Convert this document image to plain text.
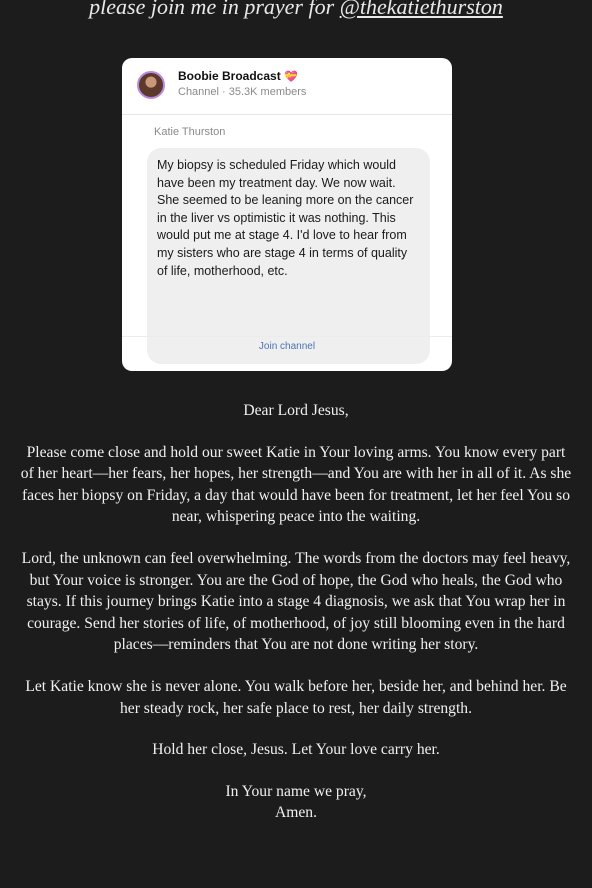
please join me in prayer for @thekatiethurston
Boobie Broadcast 💝
Channel · 35.3K members
Katie Thurston
My biopsy is scheduled Friday which would have been my treatment day. We now wait. She seemed to be leaning more on the cancer in the liver vs optimistic it was nothing. This would put me at stage 4. I'd love to hear from my sisters who are stage 4 in terms of quality of life, motherhood, etc.
Join channel

Dear Lord Jesus,

Please come close and hold our sweet Katie in Your loving arms. You know every part of her heart—her fears, her hopes, her strength—and You are with her in all of it. As she faces her biopsy on Friday, a day that would have been for treatment, let her feel You so near, whispering peace into the waiting.

Lord, the unknown can feel overwhelming. The words from the doctors may feel heavy, but Your voice is stronger. You are the God of hope, the God who heals, the God who stays. If this journey brings Katie into a stage 4 diagnosis, we ask that You wrap her in courage. Send her stories of life, of motherhood, of joy still blooming even in the hard places—reminders that You are not done writing her story.

Let Katie know she is never alone. You walk before her, beside her, and behind her. Be her steady rock, her safe place to rest, her daily strength.

Hold her close, Jesus. Let Your love carry her.

In Your name we pray,
Amen.
